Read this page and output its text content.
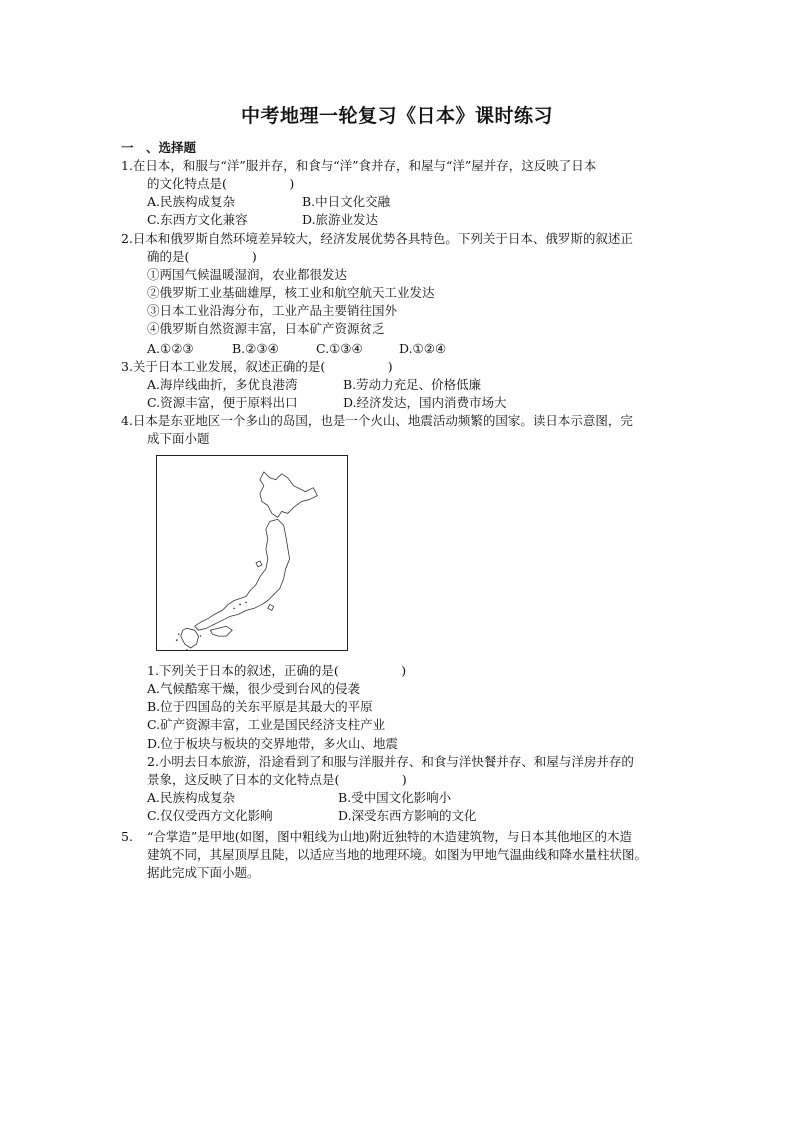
中考地理一轮复习《日本》课时练习
一　、选择题
1.在日本，和服与“洋”服并存，和食与“洋”食并存，和屋与“洋”屋并存，这反映了日本
的文化特点是(　　　　　)
A.民族构成复杂	B.中日文化交融
C.东西方文化兼容	D.旅游业发达
2.日本和俄罗斯自然环境差异较大，经济发展优势各具特色。下列关于日本、俄罗斯的叙述正
确的是(　　　　　)
①两国气候温暖湿润，农业都很发达
②俄罗斯工业基础雄厚，核工业和航空航天工业发达
③日本工业沿海分布，工业产品主要销往国外
④俄罗斯自然资源丰富，日本矿产资源贫乏
A.①②③	B.②③④	C.①③④	D.①②④
3.关于日本工业发展，叙述正确的是(　　　　　)
A.海岸线曲折，多优良港湾	B.劳动力充足、价格低廉
C.资源丰富，便于原料出口	D.经济发达，国内消费市场大
4.日本是东亚地区一个多山的岛国，也是一个火山、地震活动频繁的国家。读日本示意图，完
成下面小题
1.下列关于日本的叙述，正确的是(　　　　　)
A.气候酷寒干燥，很少受到台风的侵袭
B.位于四国岛的关东平原是其最大的平原
C.矿产资源丰富，工业是国民经济支柱产业
D.位于板块与板块的交界地带，多火山、地震
2.小明去日本旅游，沿途看到了和服与洋服并存、和食与洋快餐并存、和屋与洋房并存的
景象，这反映了日本的文化特点是(　　　　　)
A.民族构成复杂	B.受中国文化影响小
C.仅仅受西方文化影响	D.深受东西方影响的文化
5. “合掌造”是甲地(如图，图中粗线为山地)附近独特的木造建筑物，与日本其他地区的木造
建筑不同，其屋顶厚且陡，以适应当地的地理环境。如图为甲地气温曲线和降水量柱状图。
据此完成下面小题。
